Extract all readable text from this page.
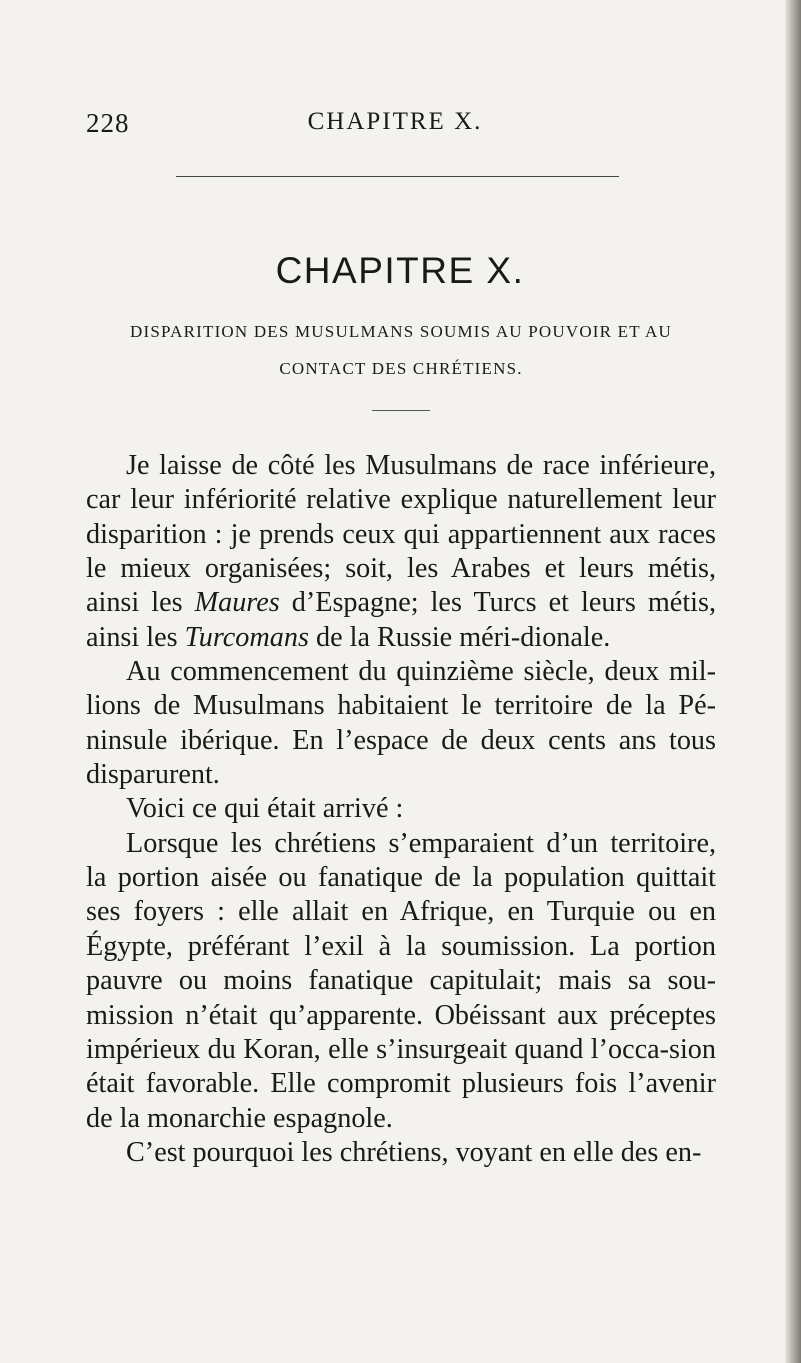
228	CHAPITRE X.
CHAPITRE X.
DISPARITION DES MUSULMANS SOUMIS AU POUVOIR ET AU CONTACT DES CHRÉTIENS.

Je laisse de côté les Musulmans de race inférieure, car leur infériorité relative explique naturellement leur disparition : je prends ceux qui appartiennent aux races le mieux organisées; soit, les Arabes et leurs métis, ainsi les Maures d’Espagne; les Turcs et leurs métis, ainsi les Turcomans de la Russie méri-dionale.

Au commencement du quinzième siècle, deux mil-lions de Musulmans habitaient le territoire de la Pé-ninsule ibérique. En l’espace de deux cents ans tous disparurent.

Voici ce qui était arrivé :

Lorsque les chrétiens s’emparaient d’un territoire, la portion aisée ou fanatique de la population quittait ses foyers : elle allait en Afrique, en Turquie ou en Égypte, préférant l’exil à la soumission. La portion pauvre ou moins fanatique capitulait; mais sa sou-mission n’était qu’apparente. Obéissant aux préceptes impérieux du Koran, elle s’insurgeait quand l’occa-sion était favorable. Elle compromit plusieurs fois l’avenir de la monarchie espagnole.

C’est pourquoi les chrétiens, voyant en elle des en-
